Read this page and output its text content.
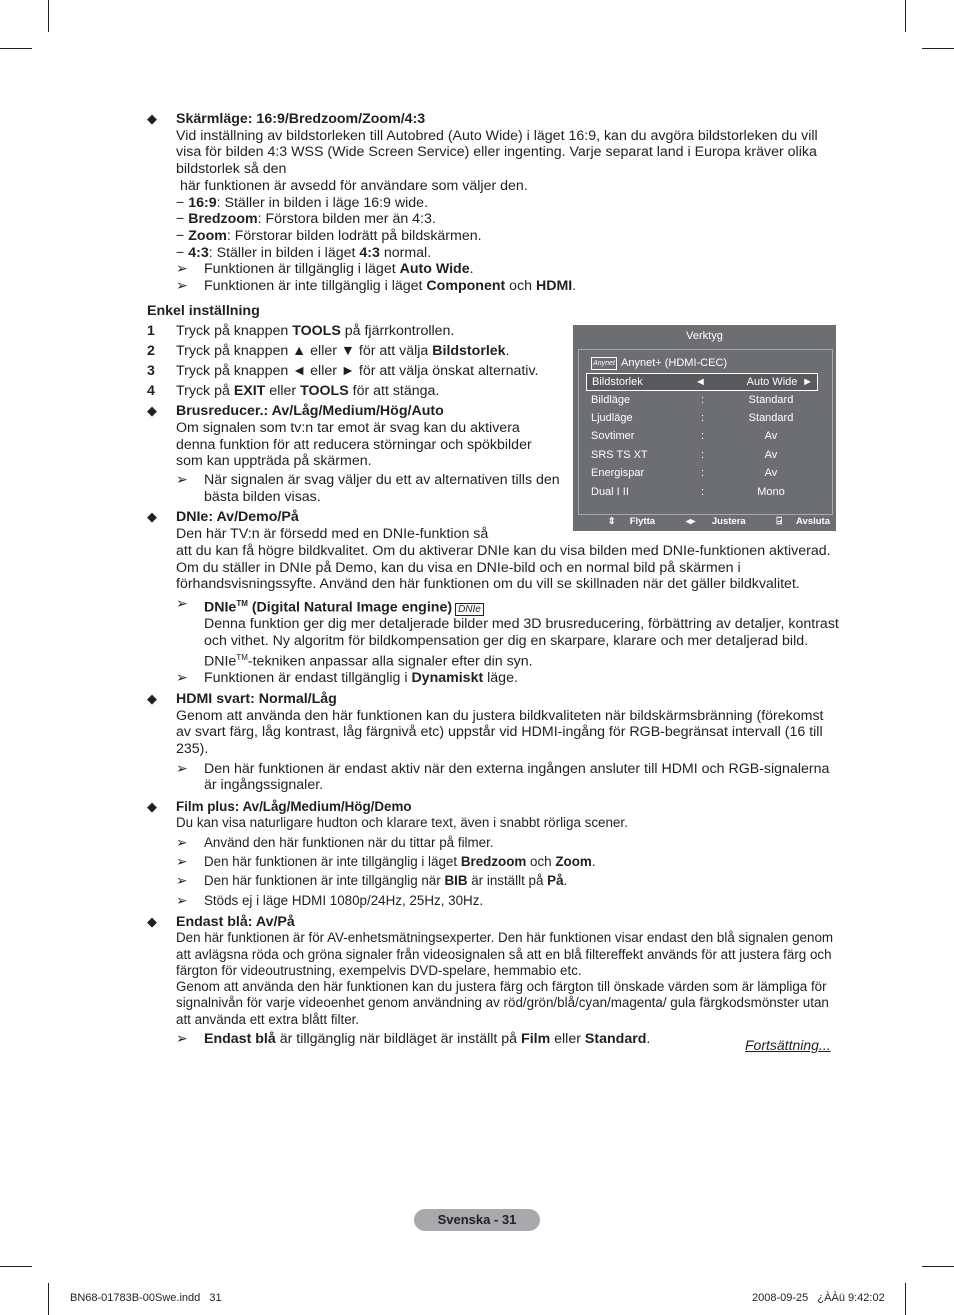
◆ Skärmläge: 16:9/Bredzoom/Zoom/4:3
Vid inställning av bildstorleken till Autobred (Auto Wide) i läget 16:9, kan du avgöra bildstorleken du vill visa för bilden 4:3 WSS (Wide Screen Service) eller ingenting. Varje separat land i Europa kräver olika bildstorlek så den
här funktionen är avsedd för användare som väljer den.
− 16:9: Ställer in bilden i läge 16:9 wide.
− Bredzoom: Förstora bilden mer än 4:3.
− Zoom: Förstorar bilden lodrätt på bildskärmen.
− 4:3: Ställer in bilden i läget 4:3 normal.
➢ Funktionen är tillgänglig i läget Auto Wide.
➢ Funktionen är inte tillgänglig i läget Component och HDMI.
Enkel inställning
1 Tryck på knappen TOOLS på fjärrkontrollen.
2 Tryck på knappen ▲ eller ▼ för att välja Bildstorlek.
3 Tryck på knappen ◄ eller ► för att välja önskat alternativ.
4 Tryck på EXIT eller TOOLS för att stänga.
◆ Brusreducer.: Av/Låg/Medium/Hög/Auto
Om signalen som tv:n tar emot är svag kan du aktivera denna funktion för att reducera störningar och spökbilder som kan uppträda på skärmen.
➢ När signalen är svag väljer du ett av alternativen tills den bästa bilden visas.
◆ DNIe: Av/Demo/På
Den här TV:n är försedd med en DNIe-funktion så
att du kan få högre bildkvalitet. Om du aktiverar DNIe kan du visa bilden med DNIe-funktionen aktiverad. Om du ställer in DNIe på Demo, kan du visa en DNIe-bild och en normal bild på skärmen i förhandsvisningssyfte. Använd den här funktionen om du vill se skillnaden när det gäller bildkvalitet.
➢ DNIe™ (Digital Natural Image engine) DNIe
Denna funktion ger dig mer detaljerade bilder med 3D brusreducering, förbättring av detaljer, kontrast och vithet. Ny algoritm för bildkompensation ger dig en skarpare, klarare och mer detaljerad bild. DNIe™-tekniken anpassar alla signaler efter din syn.
➢ Funktionen är endast tillgänglig i Dynamiskt läge.
◆ HDMI svart: Normal/Låg
Genom att använda den här funktionen kan du justera bildkvaliteten när bildskärmsbränning (förekomst av svart färg, låg kontrast, låg färgnivå etc) uppstår vid HDMI-ingång för RGB-begränsat intervall (16 till 235).
➢ Den här funktionen är endast aktiv när den externa ingången ansluter till HDMI och RGB-signalerna är ingångssignaler.
◆ Film plus: Av/Låg/Medium/Hög/Demo
Du kan visa naturligare hudton och klarare text, även i snabbt rörliga scener.
➢ Använd den här funktionen när du tittar på filmer.
➢ Den här funktionen är inte tillgänglig i läget Bredzoom och Zoom.
➢ Den här funktionen är inte tillgänglig när BIB är inställt på På.
➢ Stöds ej i läge HDMI 1080p/24Hz, 25Hz, 30Hz.
◆ Endast blå: Av/På
Den här funktionen är för AV-enhetsmätningsexperter. Den här funktionen visar endast den blå signalen genom att avlägsna röda och gröna signaler från videosignalen så att en blå filtereffekt används för att justera färg och färgton för videoutrustning, exempelvis DVD-spelare, hemmabio etc.
Genom att använda den här funktionen kan du justera färg och färgton till önskade värden som är lämpliga för signalnivån för varje videoenhet genom användning av röd/grön/blå/cyan/magenta/ gula färgkodsmönster utan att använda ett extra blått filter.
➢ Endast blå är tillgänglig när bildläget är inställt på Film eller Standard.
Verktyg
Anynet Anynet+ (HDMI-CEC)
Bildstorlek	◄	Auto Wide ►
Bildläge	:	Standard
Ljudläge	:	Standard
Sovtimer	:	Av
SRS TS XT	:	Av
Energispar	:	Av
Dual I II	:	Mono
⇕ Flytta	◂▸ Justera	⍈ Avsluta
Fortsättning...
Svenska - 31
BN68-01783B-00Swe.indd   31	2008-09-25   ¿ÀÀü 9:42:02
